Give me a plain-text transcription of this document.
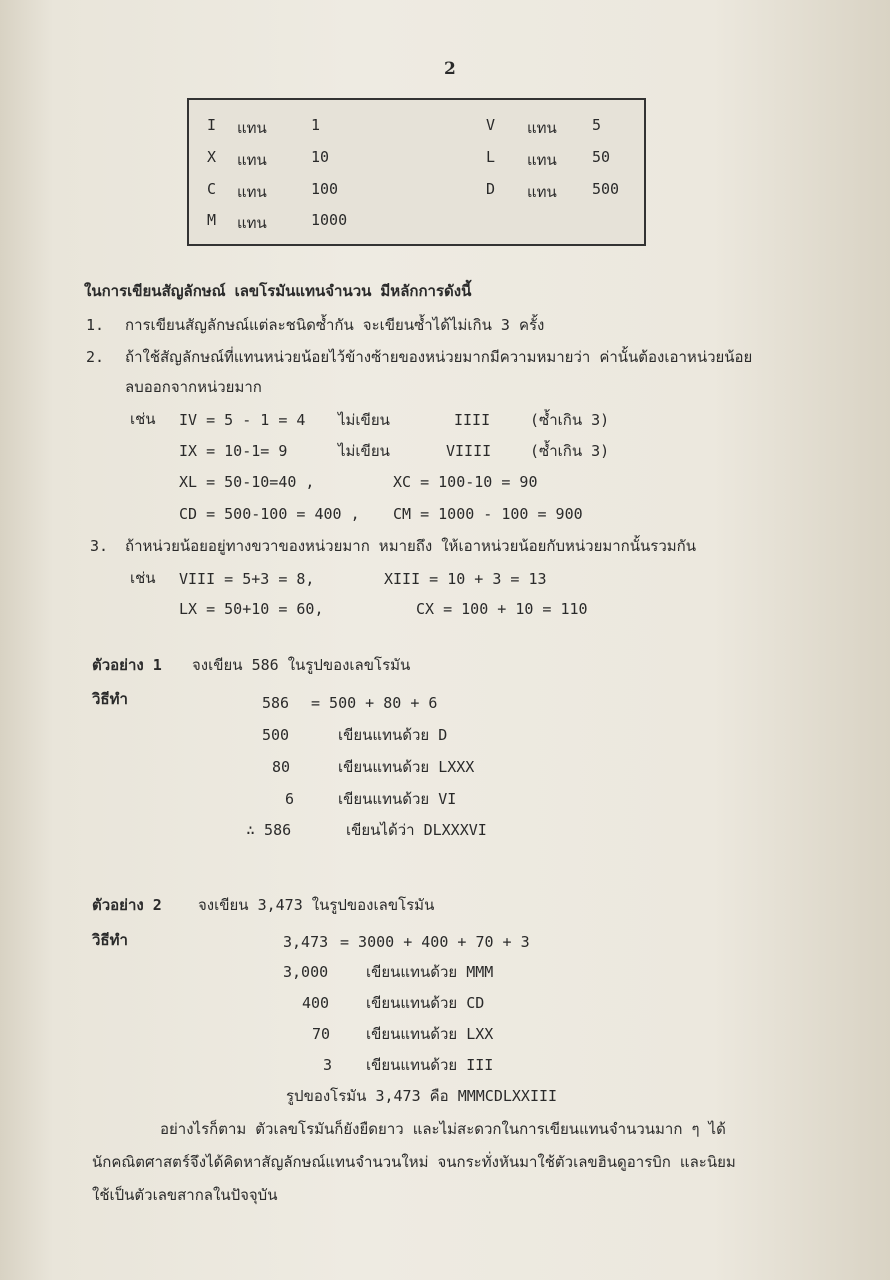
2
I แทน	1	V แทน 5
X แทน	10	L แทน 50
C แทน	100	D แทน 500
M แทน	1000
ในการเขียนสัญลักษณ์ เลขโรมันแทนจำนวน มีหลักการดังนี้
1. การเขียนสัญลักษณ์แต่ละชนิดซ้ำกัน จะเขียนซ้ำได้ไม่เกิน 3 ครั้ง
2. ถ้าใช้สัญลักษณ์ที่แทนหน่วยน้อยไว้ข้างซ้ายของหน่วยมากมีความหมายว่า ค่านั้นต้องเอาหน่วยน้อย
ลบออกจากหน่วยมาก
เช่น IV = 5 - 1 = 4 ไม่เขียน	IIII	(ซ้ำเกิน 3)
IX = 10-1= 9	ไม่เขียน	VIIII	(ซ้ำเกิน 3)
XL = 50-10=40 ,	XC = 100-10 = 90
CD = 500-100 = 400 , CM = 1000 - 100 = 900
3. ถ้าหน่วยน้อยอยู่ทางขวาของหน่วยมาก หมายถึง ให้เอาหน่วยน้อยกับหน่วยมากนั้นรวมกัน
เช่น VIII = 5+3 = 8,	XIII = 10 + 3 = 13
LX = 50+10 = 60,	CX = 100 + 10 = 110
ตัวอย่าง 1 จงเขียน 586 ในรูปของเลขโรมัน
วิธีทำ	586 = 500 + 80 + 6
500	เขียนแทนด้วย D
80	เขียนแทนด้วย LXXX
6	เขียนแทนด้วย VI
∴ 586	เขียนได้ว่า DLXXXVI
ตัวอย่าง 2 จงเขียน 3,473 ในรูปของเลขโรมัน
วิธีทำ	3,473 = 3000 + 400 + 70 + 3
3,000	เขียนแทนด้วย MMM
400 เขียนแทนด้วย CD
70 เขียนแทนด้วย LXX
3 เขียนแทนด้วย III
รูปของโรมัน 3,473 คือ MMMCDLXXIII
อย่างไรก็ตาม ตัวเลขโรมันก็ยังยืดยาว และไม่สะดวกในการเขียนแทนจำนวนมาก ๆ ได้
นักคณิตศาสตร์จึงได้คิดหาสัญลักษณ์แทนจำนวนใหม่ จนกระทั่งหันมาใช้ตัวเลขฮินดูอารบิก และนิยม
ใช้เป็นตัวเลขสากลในปัจจุบัน
